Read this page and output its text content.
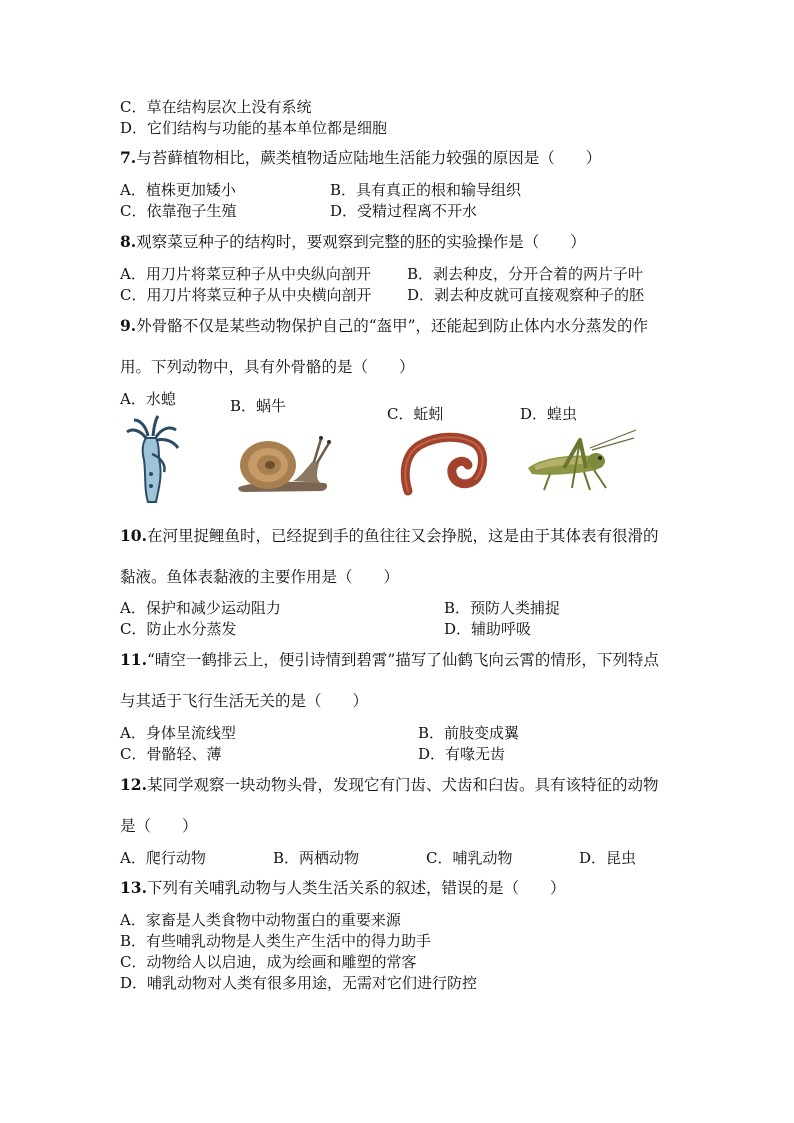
C．草在结构层次上没有系统
D．它们结构与功能的基本单位都是细胞
7.与苔藓植物相比，蕨类植物适应陆地生活能力较强的原因是（　　）
A．植株更加矮小	B．具有真正的根和输导组织
C．依靠孢子生殖	D．受精过程离不开水
8.观察菜豆种子的结构时，要观察到完整的胚的实验操作是（　　）
A．用刀片将菜豆种子从中央纵向剖开 B．剥去种皮，分开合着的两片子叶
C．用刀片将菜豆种子从中央横向剖开 D．剥去种皮就可直接观察种子的胚
9.外骨骼不仅是某些动物保护自己的“盔甲”，还能起到防止体内水分蒸发的作
用。下列动物中，具有外骨骼的是（　　）
A．水螅	B．蜗牛	C．蚯蚓	D．蝗虫
10.在河里捉鲤鱼时，已经捉到手的鱼往往又会挣脱，这是由于其体表有很滑的
黏液。鱼体表黏液的主要作用是（　　）
A．保护和减少运动阻力	B．预防人类捕捉
C．防止水分蒸发	D．辅助呼吸
11.“晴空一鹤排云上，便引诗情到碧霄”描写了仙鹤飞向云霄的情形，下列特点
与其适于飞行生活无关的是（　　）
A．身体呈流线型	B．前肢变成翼
C．骨骼轻、薄	D．有喙无齿
12.某同学观察一块动物头骨，发现它有门齿、犬齿和臼齿。具有该特征的动物
是（　　）
A．爬行动物	B．两栖动物	C．哺乳动物	D．昆虫
13.下列有关哺乳动物与人类生活关系的叙述，错误的是（　　）
A．家畜是人类食物中动物蛋白的重要来源
B．有些哺乳动物是人类生产生活中的得力助手
C．动物给人以启迪，成为绘画和雕塑的常客
D．哺乳动物对人类有很多用途，无需对它们进行防控
